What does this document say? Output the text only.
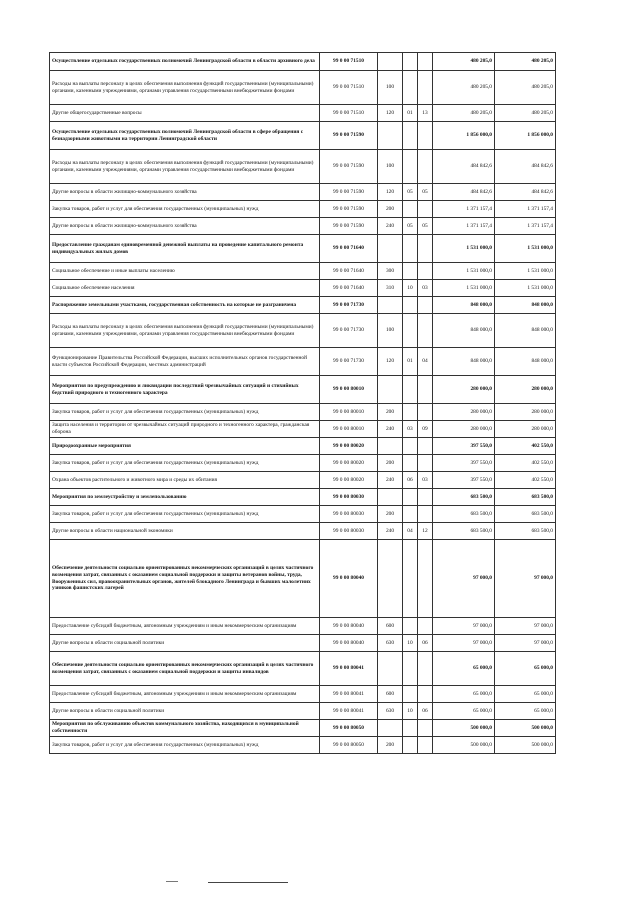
Осуществление отдельных государственных полномочий Ленинградской области в области архивного дела	99 0 00 71510				480 205,0	480 205,0
Расходы на выплаты персоналу в целях обеспечения выполнения функций государственными (муниципальными) органами, казенными учреждениями, органами управления государственными внебюджетными фондами	99 0 00 71510	100			480 205,0	480 205,0
Другие общегосударственные вопросы	99 0 00 71510	120	01	13	480 205,0	480 205,0
Осуществление отдельных государственных полномочий Ленинградской области в сфере обращения с безнадзорными животными на территории Ленинградской области	99 0 00 71590				1 856 000,0	1 856 000,0
Расходы на выплаты персоналу в целях обеспечения выполнения функций государственными (муниципальными) органами, казенными учреждениями, органами управления государственными внебюджетными фондами	99 0 00 71590	100			484 842,6	484 842,6
Другие вопросы в области жилищно-коммунального хозяйства	99 0 00 71590	120	05	05	484 842,6	484 842,6
Закупка товаров, работ и услуг для обеспечения государственных (муниципальных) нужд	99 0 00 71590	200			1 371 157,4	1 371 157,4
Другие вопросы в области жилищно-коммунального хозяйства	99 0 00 71590	240	05	05	1 371 157,4	1 371 157,4
Предоставление гражданам единовременной денежной выплаты на проведение капитального ремонта индивидуальных жилых домов	99 0 00 71640				1 531 000,0	1 531 000,0
Социальное обеспечение и иные выплаты населению	99 0 00 71640	300			1 531 000,0	1 531 000,0
Социальное обеспечение населения	99 0 00 71640	310	10	03	1 531 000,0	1 531 000,0
Распоряжение земельными участками, государственная собственность на которые не разграничена	99 0 00 71730				848 000,0	848 000,0
Расходы на выплаты персоналу в целях обеспечения выполнения функций государственными (муниципальными) органами, казенными учреждениями, органами управления государственными внебюджетными фондами	99 0 00 71730	100			848 000,0	848 000,0
Функционирование Правительства Российской Федерации, высших исполнительных органов государственной власти субъектов Российской Федерации, местных администраций	99 0 00 71730	120	01	04	848 000,0	848 000,0
Мероприятия по предупреждению и ликвидации последствий чрезвычайных ситуаций и стихийных бедствий природного и техногенного характера	99 0 00 80010				280 000,0	280 000,0
Закупка товаров, работ и услуг для обеспечения государственных (муниципальных) нужд	99 0 00 80010	200			280 000,0	280 000,0
Защита населения и территории от чрезвычайных ситуаций природного и техногенного характера, гражданская оборона	99 0 00 80010	240	03	09	280 000,0	280 000,0
Природоохранные мероприятия	99 0 00 80020				397 550,0	402 550,0
Закупка товаров, работ и услуг для обеспечения государственных (муниципальных) нужд	99 0 00 80020	200			397 550,0	402 550,0
Охрана объектов растительного и животного мира и среды их обитания	99 0 00 80020	240	06	03	397 550,0	402 550,0
Мероприятия по землеустройству и землепользованию	99 0 00 80030				683 500,0	683 500,0
Закупка товаров, работ и услуг для обеспечения государственных (муниципальных) нужд	99 0 00 80030	200			683 500,0	683 500,0
Другие вопросы в области национальной экономики	99 0 00 80030	240	04	12	683 500,0	683 500,0
Обеспечение деятельности социально ориентированных некоммерческих организаций в целях частичного возмещения затрат, связанных с оказанием социальной поддержки и защиты ветеранов войны, труда, Вооруженных сил, правоохранительных органов, жителей блокадного Ленинграда и бывших малолетних узников фашистских лагерей	99 0 00 80040				97 000,0	97 000,0
Предоставление субсидий бюджетным, автономным учреждениям и иным некоммерческим организациям	99 0 00 80040	600			97 000,0	97 000,0
Другие вопросы в области социальной политики	99 0 00 80040	630	10	06	97 000,0	97 000,0
Обеспечение деятельности социально ориентированных некоммерческих организаций в целях частичного возмещения затрат, связанных с оказанием социальной поддержки и защиты инвалидов	99 0 00 80041				65 000,0	65 000,0
Предоставление субсидий бюджетным, автономным учреждениям и иным некоммерческим организациям	99 0 00 80041	600			65 000,0	65 000,0
Другие вопросы в области социальной политики	99 0 00 80041	630	10	06	65 000,0	65 000,0
Мероприятия по обслуживанию объектов коммунального хозяйства, находящихся в муниципальной собственности	99 0 00 80050				500 000,0	500 000,0
Закупка товаров, работ и услуг для обеспечения государственных (муниципальных) нужд	99 0 00 80050	200			500 000,0	500 000,0
